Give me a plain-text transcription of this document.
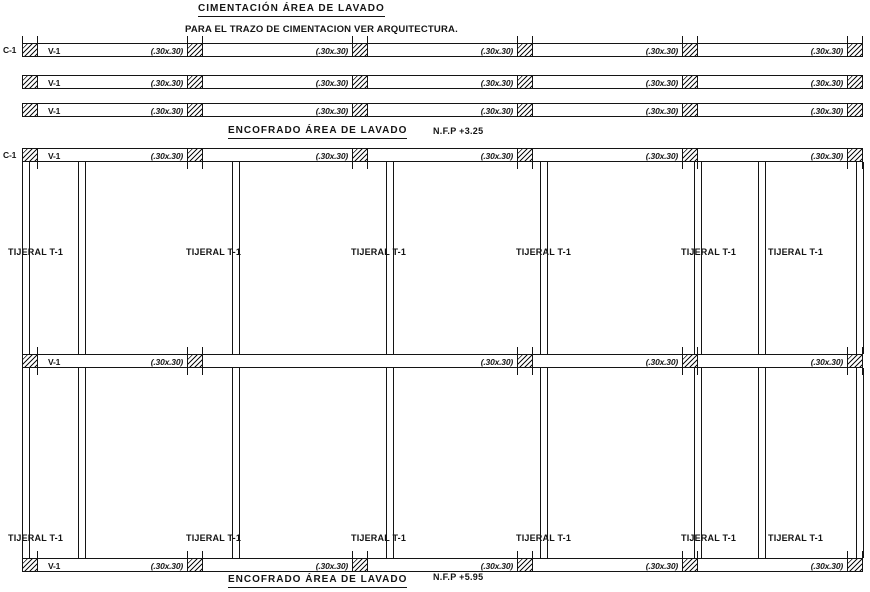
CIMENTACIÓN ÁREA DE LAVADO
PARA EL TRAZO DE CIMENTACION VER ARQUITECTURA.
ENCOFRADO ÁREA DE LAVADO	N.F.P +3.25
ENCOFRADO ÁREA DE LAVADO	N.F.P +5.95
C-1	V-1	(.30x.30)	(.30x.30)	(.30x.30)	(.30x.30)	(.30x.30)
V-1	(.30x.30)	(.30x.30)	(.30x.30)	(.30x.30)	(.30x.30)
V-1	(.30x.30)	(.30x.30)	(.30x.30)	(.30x.30)	(.30x.30)
C-1	V-1	(.30x.30)	(.30x.30)	(.30x.30)	(.30x.30)	(.30x.30)
V-1	(.30x.30)	(.30x.30)	(.30x.30)	(.30x.30)
V-1	(.30x.30)	(.30x.30)	(.30x.30)	(.30x.30)	(.30x.30)
TIJERAL T-1	TIJERAL T-1	TIJERAL T-1	TIJERAL T-1	TIJERAL T-1	TIJERAL T-1
TIJERAL T-1	TIJERAL T-1	TIJERAL T-1	TIJERAL T-1	TIJERAL T-1	TIJERAL T-1
